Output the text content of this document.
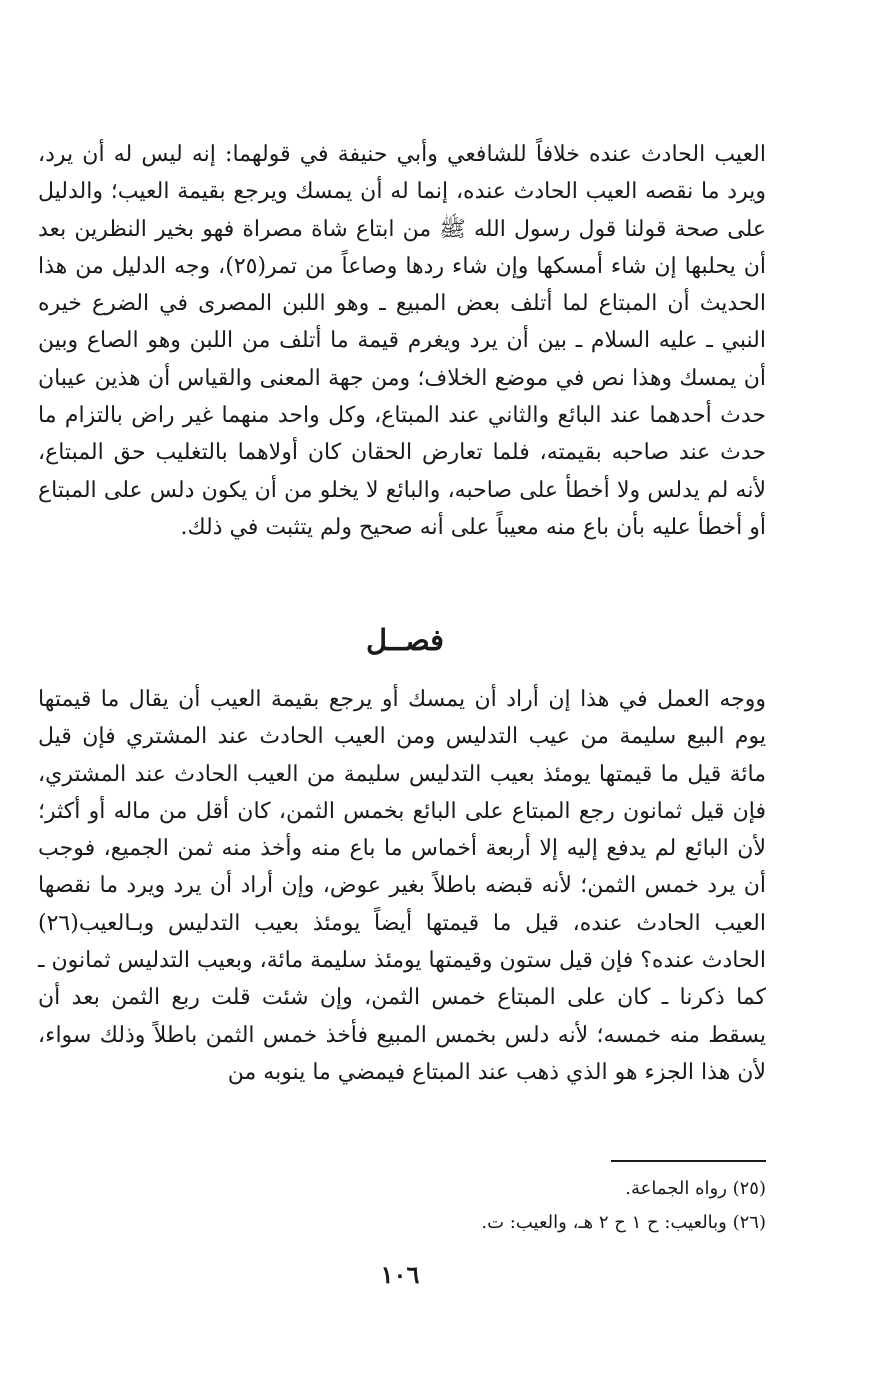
العيب الحادث عنده خلافاً للشافعي وأبي حنيفة في قولهما: إنه ليس له أن يرد، ويرد ما نقصه العيب الحادث عنده، إنما له أن يمسك ويرجع بقيمة العيب؛ والدليل على صحة قولنا قول رسول الله ﷺ من ابتاع شاة مصراة فهو بخير النظرين بعد أن يحلبها إن شاء أمسكها وإن شاء ردها وصاعاً من تمر(٢٥)، وجه الدليل من هذا الحديث أن المبتاع لما أتلف بعض المبيع ـ وهو اللبن المصرى في الضرع خيره النبي ـ عليه السلام ـ بين أن يرد ويغرم قيمة ما أتلف من اللبن وهو الصاع وبين أن يمسك وهذا نص في موضع الخلاف؛ ومن جهة المعنى والقياس أن هذين عيبان حدث أحدهما عند البائع والثاني عند المبتاع، وكل واحد منهما غير راض بالتزام ما حدث عند صاحبه بقيمته، فلما تعارض الحقان كان أولاهما بالتغليب حق المبتاع، لأنه لم يدلس ولا أخطأ على صاحبه، والبائع لا يخلو من أن يكون دلس على المبتاع أو أخطأ عليه بأن باع منه معيباً على أنه صحيح ولم يتثبت في ذلك.

فصــل

ووجه العمل في هذا إن أراد أن يمسك أو يرجع بقيمة العيب أن يقال ما قيمتها يوم البيع سليمة من عيب التدليس ومن العيب الحادث عند المشتري فإن قيل مائة قيل ما قيمتها يومئذ بعيب التدليس سليمة من العيب الحادث عند المشتري، فإن قيل ثمانون رجع المبتاع على البائع بخمس الثمن، كان أقل من ماله أو أكثر؛ لأن البائع لم يدفع إليه إلا أربعة أخماس ما باع منه وأخذ منه ثمن الجميع، فوجب أن يرد خمس الثمن؛ لأنه قبضه باطلاً بغير عوض، وإن أراد أن يرد ويرد ما نقصها العيب الحادث عنده، قيل ما قيمتها أيضاً يومئذ بعيب التدليس وبـالعيب(٢٦) الحادث عنده؟ فإن قيل ستون وقيمتها يومئذ سليمة مائة، وبعيب التدليس ثمانون ـ كما ذكرنا ـ كان على المبتاع خمس الثمن، وإن شئت قلت ربع الثمن بعد أن يسقط منه خمسه؛ لأنه دلس بخمس المبيع فأخذ خمس الثمن باطلاً وذلك سواء، لأن هذا الجزء هو الذي ذهب عند المبتاع فيمضي ما ينوبه من

(٢٥) رواه الجماعة.

(٢٦) وبالعيب: ح ١ ح ٢ هـ، والعيب: ت.

١٠٦
